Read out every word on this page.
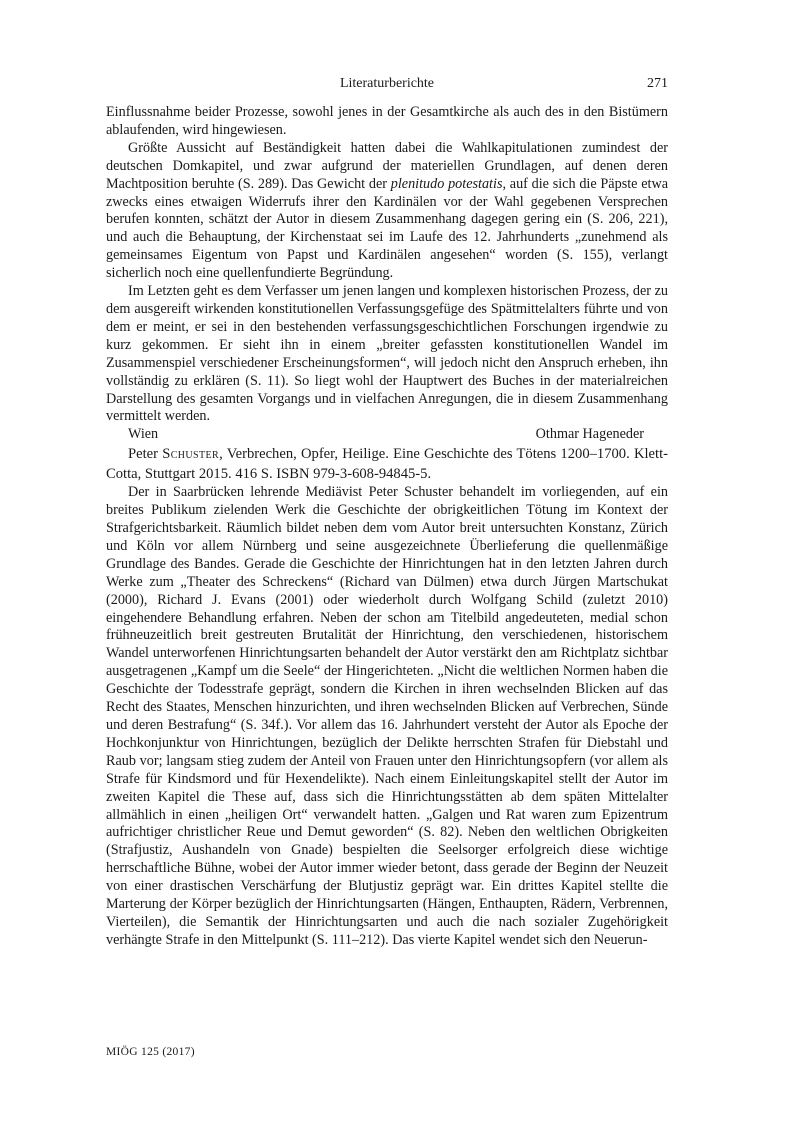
Literaturberichte	271

Einflussnahme beider Prozesse, sowohl jenes in der Gesamtkirche als auch des in den Bistümern ablaufenden, wird hingewiesen.

Größte Aussicht auf Beständigkeit hatten dabei die Wahlkapitulationen zumindest der deutschen Domkapitel, und zwar aufgrund der materiellen Grundlagen, auf denen deren Machtposition beruhte (S. 289). Das Gewicht der plenitudo potestatis, auf die sich die Päpste etwa zwecks eines etwaigen Widerrufs ihrer den Kardinälen vor der Wahl gegebenen Versprechen berufen konnten, schätzt der Autor in diesem Zusammenhang dagegen gering ein (S. 206, 221), und auch die Behauptung, der Kirchenstaat sei im Laufe des 12. Jahrhunderts „zunehmend als gemeinsames Eigentum von Papst und Kardinälen angesehen“ worden (S. 155), verlangt sicherlich noch eine quellenfundierte Begründung.

Im Letzten geht es dem Verfasser um jenen langen und komplexen historischen Prozess, der zu dem ausgereift wirkenden konstitutionellen Verfassungsgefüge des Spätmittelalters führte und von dem er meint, er sei in den bestehenden verfassungsgeschichtlichen Forschungen irgendwie zu kurz gekommen. Er sieht ihn in einem „breiter gefassten konstitutionellen Wandel im Zusammenspiel verschiedener Erscheinungsformen“, will jedoch nicht den Anspruch erheben, ihn vollständig zu erklären (S. 11). So liegt wohl der Hauptwert des Buches in der materialreichen Darstellung des gesamten Vorgangs und in vielfachen Anregungen, die in diesem Zusammenhang vermittelt werden.

Wien	Othmar Hageneder

Peter Schuster, Verbrechen, Opfer, Heilige. Eine Geschichte des Tötens 1200–1700. Klett-Cotta, Stuttgart 2015. 416 S. ISBN 979-3-608-94845-5.

Der in Saarbrücken lehrende Mediävist Peter Schuster behandelt im vorliegenden, auf ein breites Publikum zielenden Werk die Geschichte der obrigkeitlichen Tötung im Kontext der Strafgerichtsbarkeit. Räumlich bildet neben dem vom Autor breit untersuchten Konstanz, Zürich und Köln vor allem Nürnberg und seine ausgezeichnete Überlieferung die quellenmäßige Grundlage des Bandes. Gerade die Geschichte der Hinrichtungen hat in den letzten Jahren durch Werke zum „Theater des Schreckens“ (Richard van Dülmen) etwa durch Jürgen Martschukat (2000), Richard J. Evans (2001) oder wiederholt durch Wolfgang Schild (zuletzt 2010) eingehendere Behandlung erfahren. Neben der schon am Titelbild angedeuteten, medial schon frühneuzeitlich breit gestreuten Brutalität der Hinrichtung, den verschiedenen, historischem Wandel unterworfenen Hinrichtungsarten behandelt der Autor verstärkt den am Richtplatz sichtbar ausgetragenen „Kampf um die Seele“ der Hingerichteten. „Nicht die weltlichen Normen haben die Geschichte der Todesstrafe geprägt, sondern die Kirchen in ihren wechselnden Blicken auf das Recht des Staates, Menschen hinzurichten, und ihren wechselnden Blicken auf Verbrechen, Sünde und deren Bestrafung“ (S. 34f.). Vor allem das 16. Jahrhundert versteht der Autor als Epoche der Hochkonjunktur von Hinrichtungen, bezüglich der Delikte herrschten Strafen für Diebstahl und Raub vor; langsam stieg zudem der Anteil von Frauen unter den Hinrichtungsopfern (vor allem als Strafe für Kindsmord und für Hexendelikte). Nach einem Einleitungskapitel stellt der Autor im zweiten Kapitel die These auf, dass sich die Hinrichtungsstätten ab dem späten Mittelalter allmählich in einen „heiligen Ort“ verwandelt hatten. „Galgen und Rat waren zum Epizentrum aufrichtiger christlicher Reue und Demut geworden“ (S. 82). Neben den weltlichen Obrigkeiten (Strafjustiz, Aushandeln von Gnade) bespielten die Seelsorger erfolgreich diese wichtige herrschaftliche Bühne, wobei der Autor immer wieder betont, dass gerade der Beginn der Neuzeit von einer drastischen Verschärfung der Blutjustiz geprägt war. Ein drittes Kapitel stellte die Marterung der Körper bezüglich der Hinrichtungsarten (Hängen, Enthaupten, Rädern, Verbrennen, Vierteilen), die Semantik der Hinrichtungsarten und auch die nach sozialer Zugehörigkeit verhängte Strafe in den Mittelpunkt (S. 111–212). Das vierte Kapitel wendet sich den Neuerun-

MIÖG 125 (2017)
